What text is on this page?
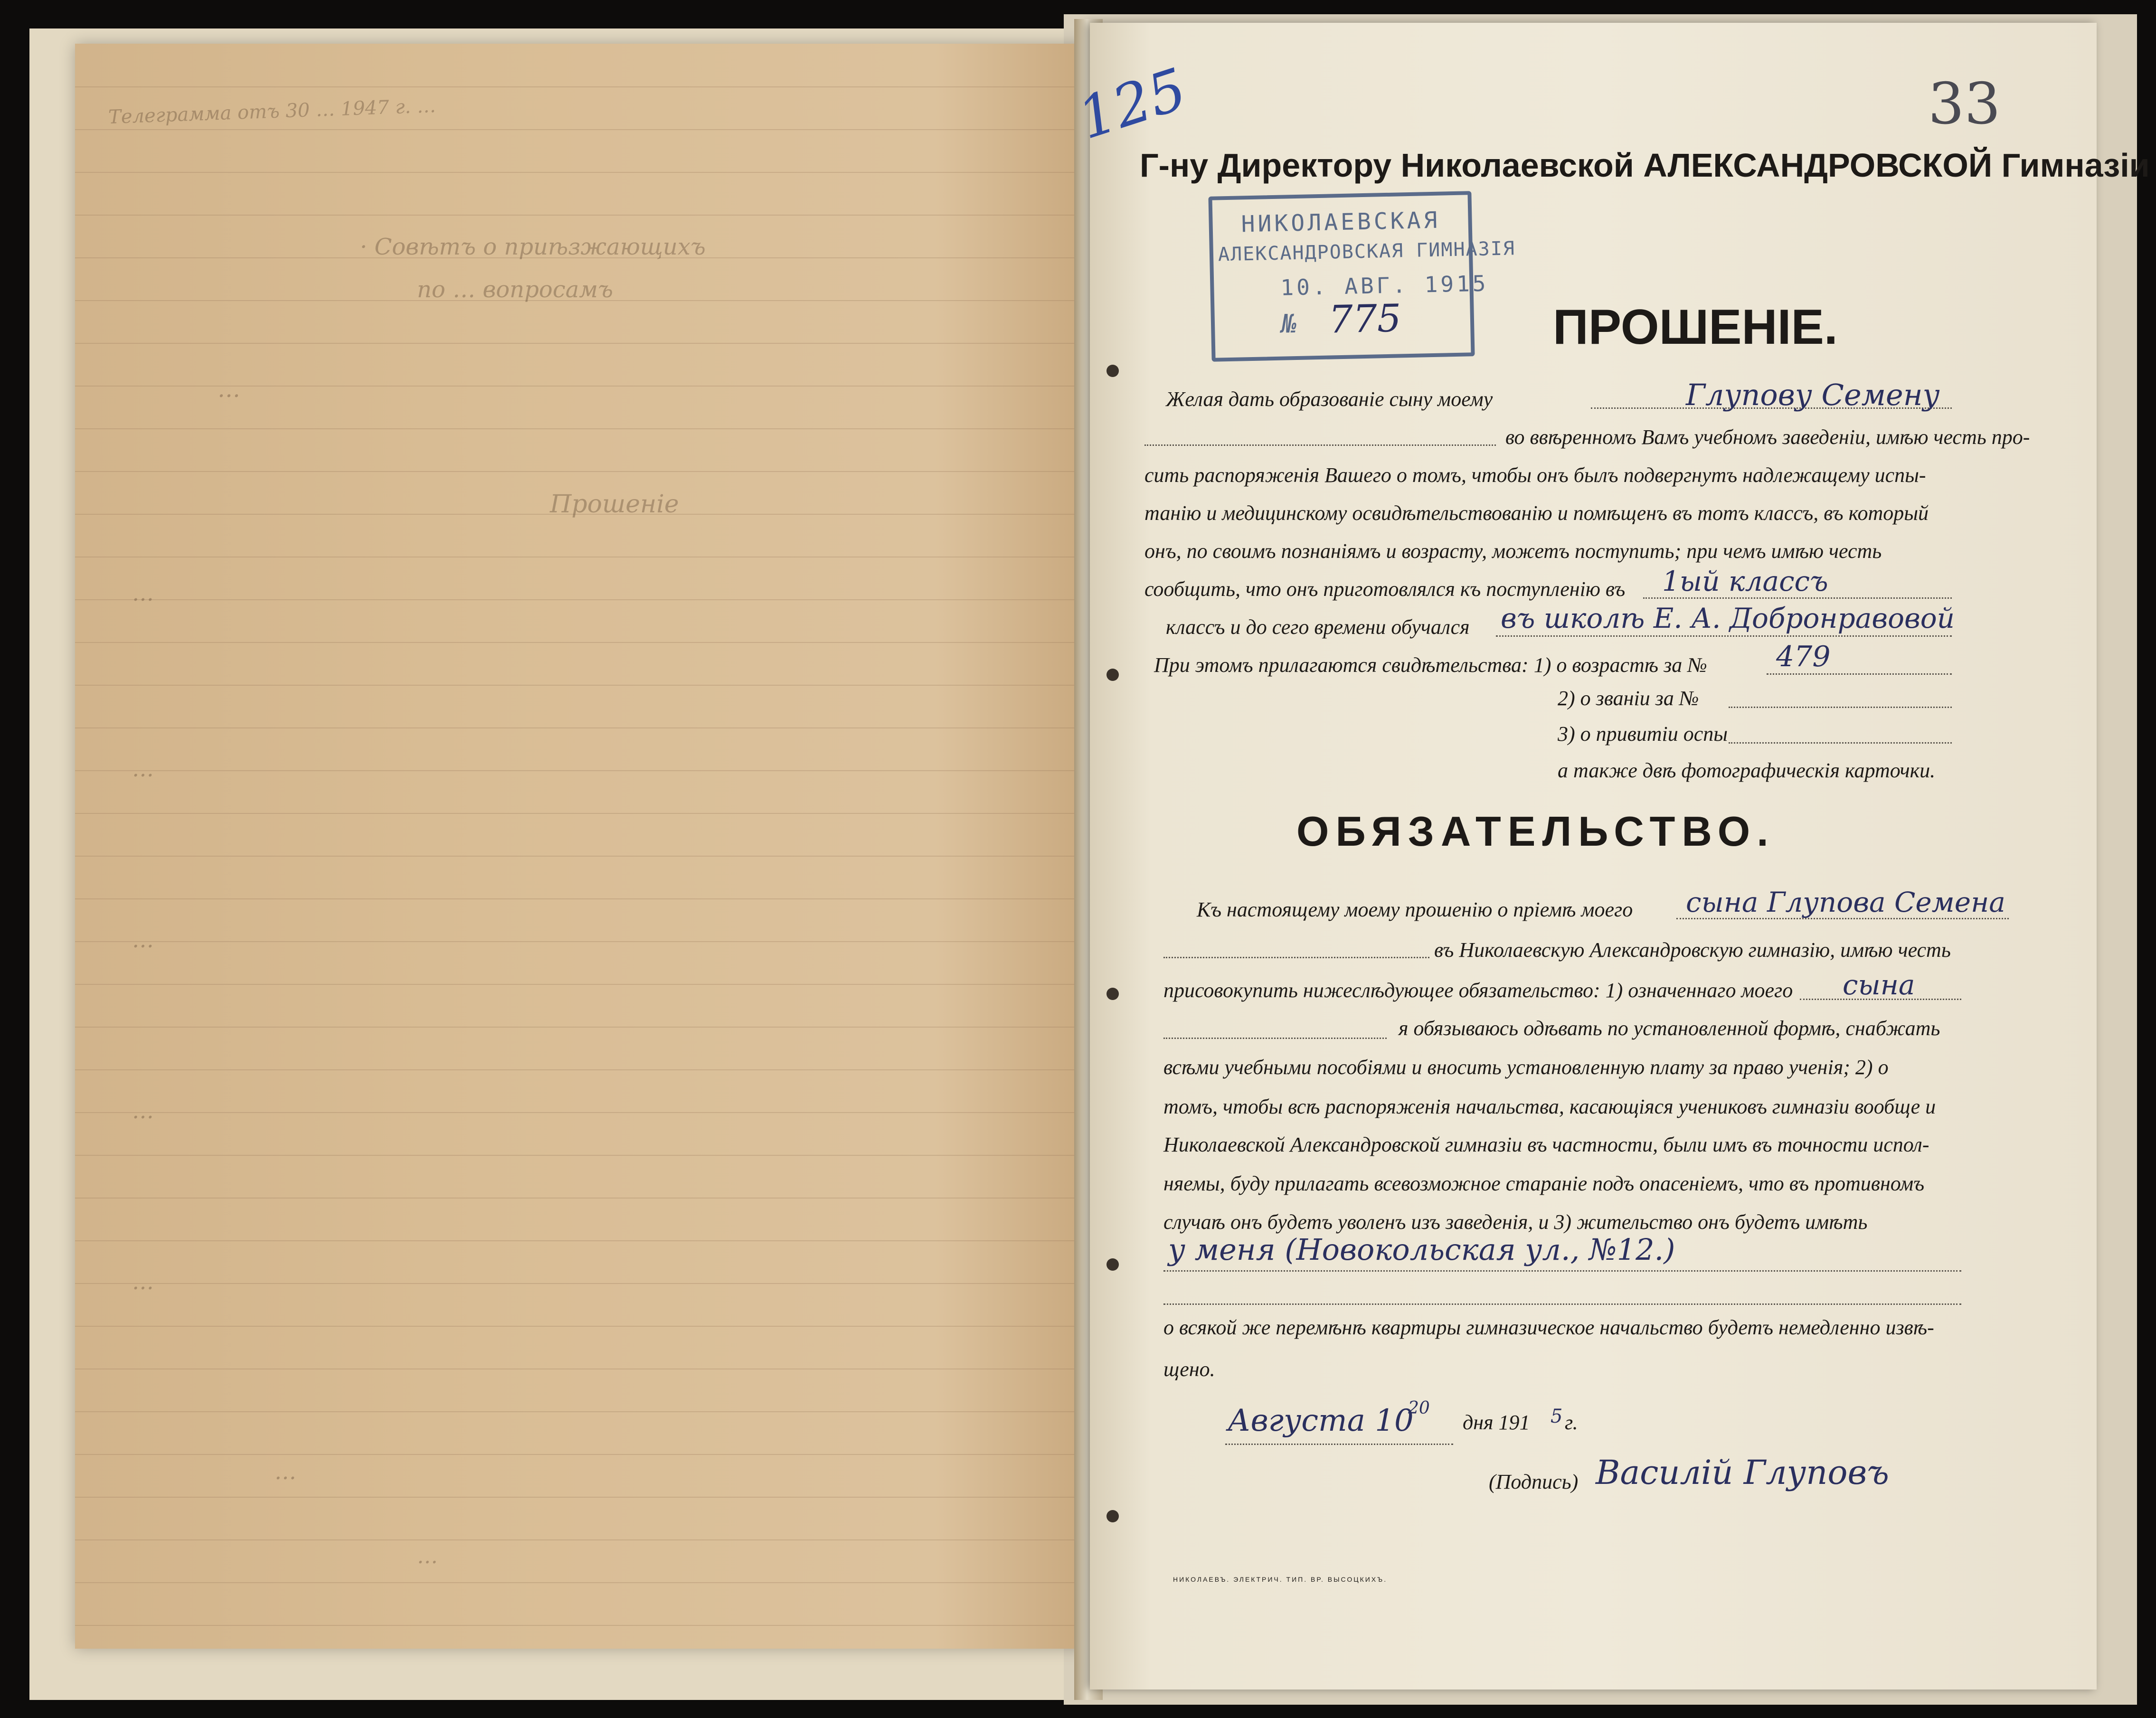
Телеграмма отъ 30 … 1947 г. …
· Совѣтъ о приѣзжающихъ
по … вопросамъ
…
Прошеніе
…
…
…
…
…
…
…
33
125
Г-ну Директору Николаевской АЛЕКСАНДРОВСКОЙ Гимназіи
НИКОЛАЕВСКАЯ
АЛЕКСАНДРОВСКАЯ ГИМНАЗІЯ
10. АВГ. 1915
№ 775	ПРОШЕНІЕ.
Желая дать образованіе сыну моему	Глупову Семену
во ввѣренномъ Вамъ учебномъ заведеніи, имѣю честь про-
сить распоряженія Вашего о томъ, чтобы онъ былъ подвергнутъ надлежащему испы-
танію и медицинскому освидѣтельствованію и помѣщенъ въ тотъ классъ, въ который
онъ, по своимъ познаніямъ и возрасту, можетъ поступить; при чемъ имѣю честь
сообщить, что онъ приготовлялся къ поступленію въ 1ый классъ
классъ и до сего времени обучался въ школѣ Е. А. Добронравовой
При этомъ прилагаются свидѣтельства: 1) о возрастѣ за № 479
2) о званіи за №
3) о привитіи оспы
а также двѣ фотографическія карточки.
ОБЯЗАТЕЛЬСТВО.
Къ настоящему моему прошенію о пріемѣ моего сына Глупова Семена
въ Николаевскую Александровскую гимназію, имѣю честь
присовокупить нижеслѣдующее обязательство: 1) означеннаго моего сына
я обязываюсь одѣвать по установленной формѣ, снабжать
всѣми учебными пособіями и вносить установленную плату за право ученія; 2) о
томъ, чтобы всѣ распоряженія начальства, касающіяся учениковъ гимназіи вообще и
Николаевской Александровской гимназіи въ частности, были имъ въ точности испол-
няемы, буду прилагать всевозможное стараніе подъ опасеніемъ, что въ противномъ
случаѣ онъ будетъ уволенъ изъ заведенія, и 3) жительство онъ будетъ имѣть
у меня (Новокольская ул., №12.)
о всякой же перемѣнѣ квартиры гимназическое начальство будетъ немедленно извѣ-
щено.
Августа 10
20
дня 191 5 г.
(Подпись) Василій Глуповъ
НИКОЛАЕВЪ. ЭЛЕКТРИЧ. ТИП. ВР. ВЫСОЦКИХЪ.
